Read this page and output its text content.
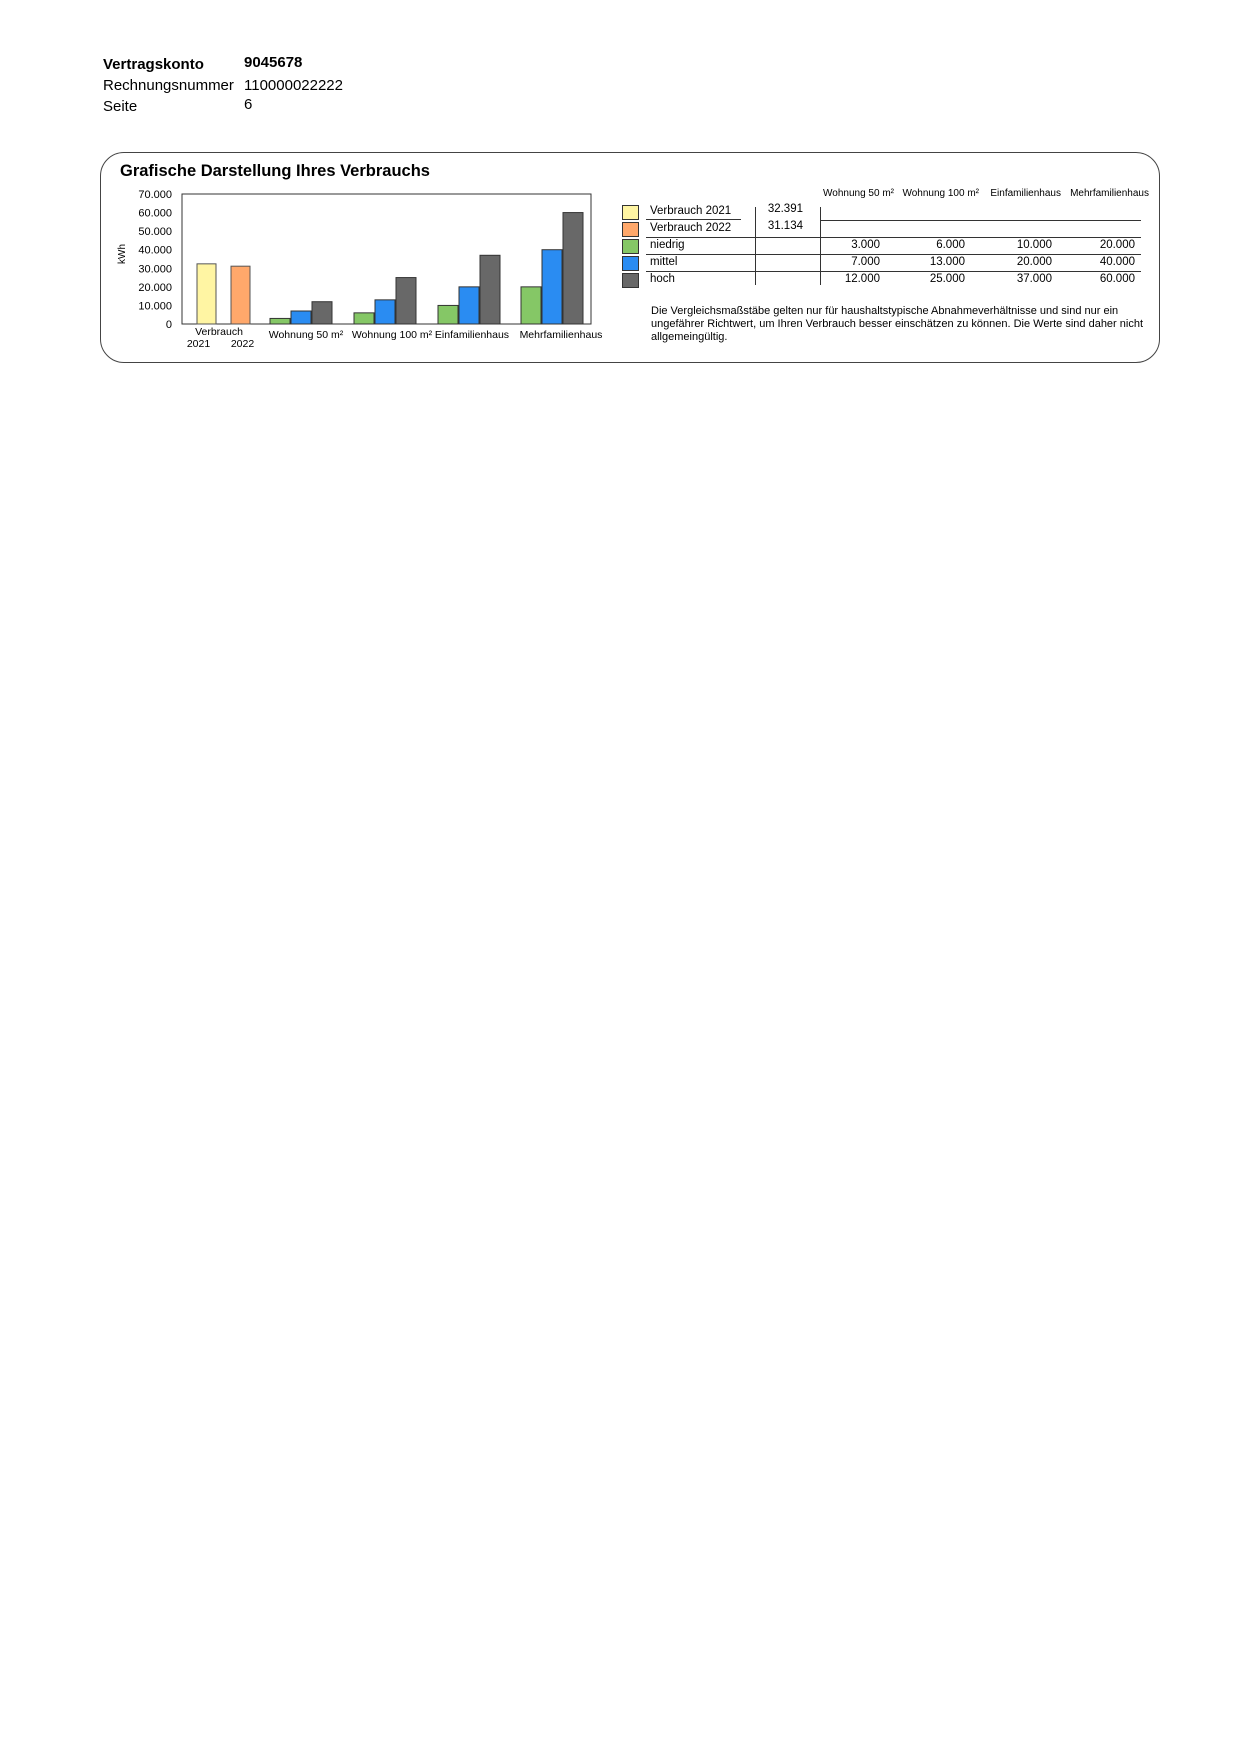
Vertragskonto	9045678
Rechnungsnummer 110000022222
Seite	6
Grafische Darstellung Ihres Verbrauchs
0
10.000
20.000
30.000
40.000
50.000
60.000
70.000
kWh
2021 2022
Verbrauch Wohnung 50 m² Wohnung 100 m² Einfamilienhaus Mehrfamilienhaus
Wohnung 50 m² Wohnung 100 m²	Einfamilienhaus Mehrfamilienhaus
Verbrauch 2021	32.391
Verbrauch 2022	31.134
niedrig	3.000	6.000	10.000	20.000
mittel	7.000	13.000	20.000	40.000
hoch	12.000	25.000	37.000	60.000
Die Vergleichsmaßstäbe gelten nur für haushaltstypische Abnahmeverhältnisse und sind nur ein ungefährer Richtwert, um Ihren Verbrauch besser einschätzen zu können. Die Werte sind daher nicht allgemeingültig.
